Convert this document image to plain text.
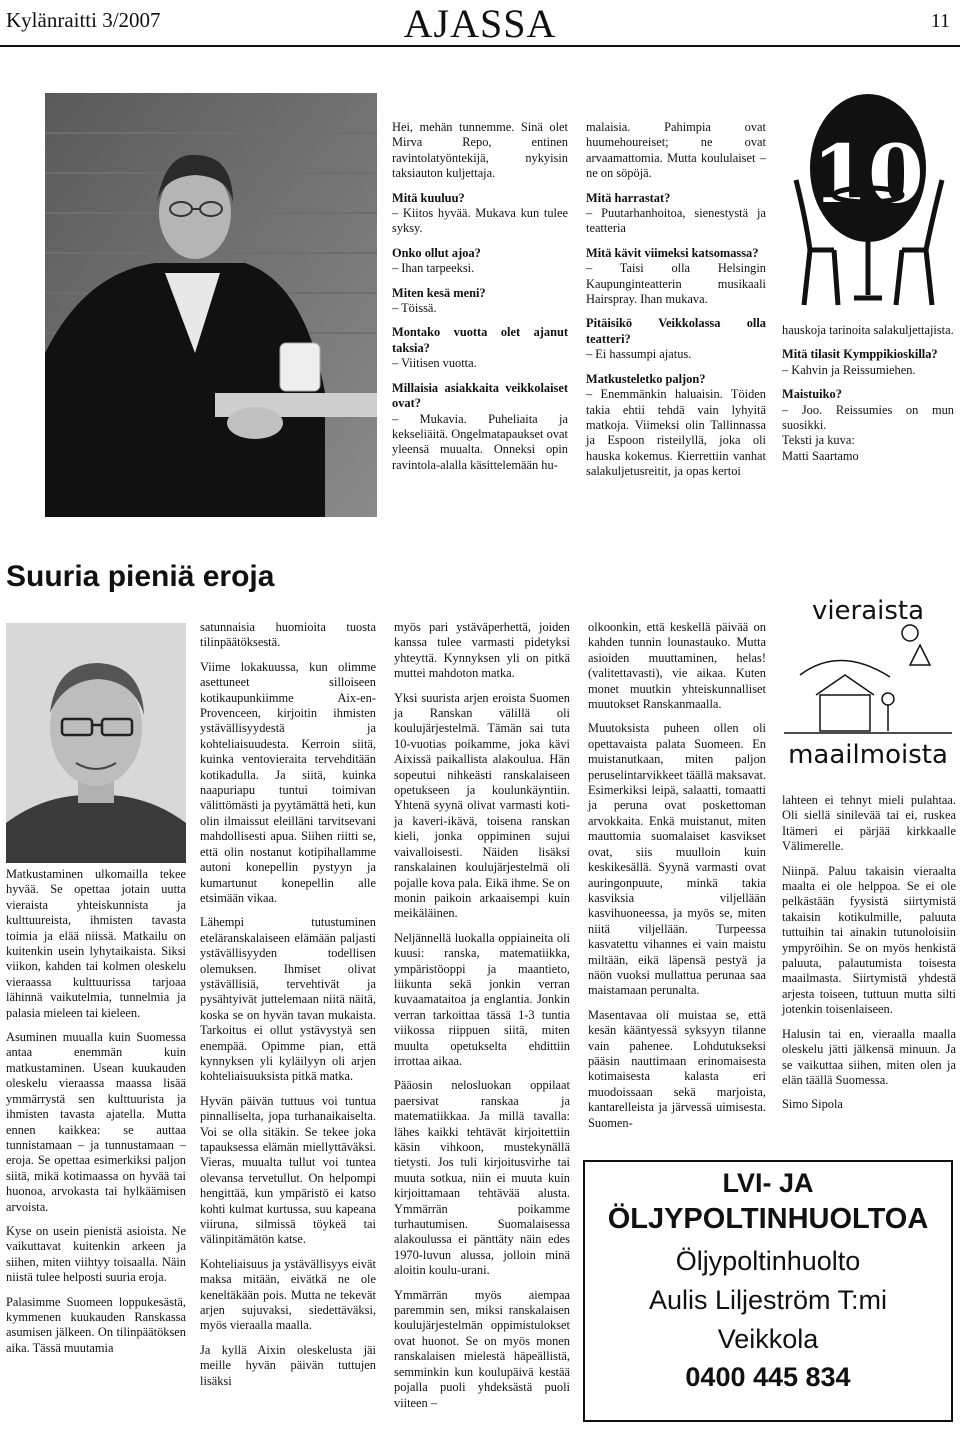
Kylänraitti 3/2007	AJASSA	11

Hei, mehän tunnemme. Sinä olet Mirva Repo, entinen ravintolatyöntekijä, nykyisin taksiauton kuljettaja.

Mitä kuuluu?
– Kiitos hyvää. Mukava kun tulee syksy.
Onko ollut ajoa?
– Ihan tarpeeksi.
Miten kesä meni?
– Töissä.
Montako vuotta olet ajanut taksia?
– Viitisen vuotta.
Millaisia asiakkaita veikkolaiset ovat?
– Mukavia. Puheliaita ja kekseliäitä. Ongelmatapaukset ovat yleensä muualta. Onneksi opin ravintola-alalla käsittelemään hu-

malaisia. Pahimpia ovat huumehoureiset; ne ovat arvaamattomia. Mutta koululaiset – ne on söpöjä.

Mitä harrastat?
– Puutarhanhoitoa, sienestystä ja teatteria
Mitä kävit viimeksi katsomassa?
– Taisi olla Helsingin Kaupunginteatterin musikaali Hairspray. Ihan mukava.
Pitäisikö Veikkolassa olla teatteri?
– Ei hassumpi ajatus.
Matkusteletko paljon?
– Enemmänkin haluaisin. Töiden takia ehtii tehdä vain lyhyitä matkoja. Viimeksi olin Tallinnassa ja Espoon risteilyllä, joka oli hauska kokemus. Kierrettiin vanhat salakuljetusreitit, ja opas kertoi
10

hauskoja tarinoita salakuljettajista.

Mitä tilasit Kymppikioskilla?
– Kahvin ja Reissumiehen.
Maistuiko?
– Joo. Reissumies on mun suosikki.
Teksti ja kuva:
Matti Saartamo
Suuria pieniä eroja

Matkustaminen ulkomailla tekee hyvää. Se opettaa jotain uutta vieraista yhteiskunnista ja kulttuureista, ihmisten tavasta toimia ja elää niissä. Matkailu on kuitenkin usein lyhytaikaista. Siksi viikon, kahden tai kolmen oleskelu vieraassa kulttuurissa tarjoaa lähinnä vaikutelmia, tunnelmia ja palasia mieleen tai kieleen.

Asuminen muualla kuin Suomessa antaa enemmän kuin matkustaminen. Usean kuukauden oleskelu vieraassa maassa lisää ymmärrystä sen kulttuurista ja ihmisten tavasta ajatella. Mutta ennen kaikkea: se auttaa tunnistamaan – ja tunnustamaan – eroja. Se opettaa esimerkiksi paljon siitä, mikä kotimaassa on hyvää tai huonoa, arvokasta tai hylkäämisen arvoista.

Kyse on usein pienistä asioista. Ne vaikuttavat kuitenkin arkeen ja siihen, miten viihtyy toisaalla. Näin niistä tulee helposti suuria eroja.

Palasimme Suomeen loppukesästä, kymmenen kuukauden Ranskassa asumisen jälkeen. On tilinpäätöksen aika. Tässä muutamia

satunnaisia huomioita tuosta tilinpäätöksestä.

Viime lokakuussa, kun olimme asettuneet silloiseen kotikaupunkiimme Aix-en-Provenceen, kirjoitin ihmisten ystävällisyydestä ja kohteliaisuudesta. Kerroin siitä, kuinka ventovieraita tervehditään kotikadulla. Ja siitä, kuinka naapuriapu tuntui toimivan välittömästi ja pyytämättä heti, kun olin ilmaissut eleilläni tarvitsevani mahdollisesti apua. Siihen riitti se, että olin nostanut kotipihallamme autoni konepellin pystyyn ja kumartunut konepellin alle etsimään vikaa.

Lähempi tutustuminen eteläranskalaiseen elämään paljasti ystävällisyyden todellisen olemuksen. Ihmiset olivat ystävällisiä, tervehtivät ja pysähtyivät juttelemaan niitä näitä, koska se on hyvän tavan mukaista. Tarkoitus ei ollut ystävystyä sen enempää. Opimme pian, että kynnyksen yli kyläilyyn oli arjen kohteliaisuuksista pitkä matka.

Hyvän päivän tuttuus voi tuntua pinnalliselta, jopa turhanaikaiselta. Voi se olla sitäkin. Se tekee joka tapauksessa elämän miellyttäväksi. Vieras, muualta tullut voi tuntea olevansa tervetullut. On helpompi hengittää, kun ympäristö ei katso kohti kulmat kurtussa, suu kapeana viiruna, silmissä töykeä tai välinpitämätön katse.

Kohteliaisuus ja ystävällisyys eivät maksa mitään, eivätkä ne ole keneltäkään pois. Mutta ne tekevät arjen sujuvaksi, siedettäväksi, myös vieraalla maalla.

Ja kyllä Aixin oleskelusta jäi meille hyvän päivän tuttujen lisäksi

myös pari ystäväperhettä, joiden kanssa tulee varmasti pidetyksi yhteyttä. Kynnyksen yli on pitkä muttei mahdoton matka.

Yksi suurista arjen eroista Suomen ja Ranskan välillä oli koulujärjestelmä. Tämän sai tuta 10-vuotias poikamme, joka kävi Aixissä paikallista alakoulua. Hän sopeutui nihkeästi ranskalaiseen opetukseen ja koulunkäyntiin. Yhtenä syynä olivat varmasti koti- ja kaveri-ikävä, toisena ranskan kieli, jonka oppiminen sujui vaivalloisesti. Näiden lisäksi ranskalainen koulujärjestelmä oli pojalle kova pala. Eikä ihme. Se on monin paikoin arkaaisempi kuin meikäläinen.

Neljännellä luokalla oppiaineita oli kuusi: ranska, matematiikka, ympäristöoppi ja maantieto, liikunta sekä jonkin verran kuvaamataitoa ja englantia. Jonkin verran tarkoittaa tässä 1-3 tuntia viikossa riippuen siitä, miten muulta opetukselta ehdittiin irrottaa aikaa.

Pääosin nelosluokan oppilaat paersivat ranskaa ja matematiikkaa. Ja millä tavalla: lähes kaikki tehtävät kirjoitettiin käsin vihkoon, mustekynällä tietysti. Jos tuli kirjoitusvirhe tai muuta sotkua, niin ei muuta kuin kirjoittamaan tehtävää alusta. Ymmärrän poikamme turhautumisen. Suomalaisessa alakoulussa ei pänttäty näin edes 1970-luvun alussa, jolloin minä aloitin koulu-urani.

Ymmärrän myös aiempaa paremmin sen, miksi ranskalaisen koulujärjestelmän oppimistulokset ovat huonot. Se on myös monen ranskalaisen mielestä häpeällistä, semminkin kun koulupäivä kestää pojalla puoli yhdeksästä puoli viiteen –

olkoonkin, että keskellä päivää on kahden tunnin lounastauko. Mutta asioiden muuttaminen, helas! (valitettavasti), vie aikaa. Kuten monet muutkin yhteiskunnalliset muutokset Ranskanmaalla.

Muutoksista puheen ollen oli opettavaista palata Suomeen. En muistanutkaan, miten paljon peruselintarvikkeet täällä maksavat. Esimerkiksi leipä, salaatti, tomaatti ja peruna ovat poskettoman arvokkaita. Enkä muistanut, miten mauttomia suomalaiset kasvikset ovat, siis muulloin kuin keskikesällä. Syynä varmasti ovat auringonpuute, minkä takia kasviksia viljellään kasvihuoneessa, ja myös se, miten niitä viljellään. Turpeessa kasvatettu vihannes ei vain maistu miltään, eikä läpensä pestyä ja näön vuoksi mullattua perunaa saa maistamaan perunalta.

Masentavaa oli muistaa se, että kesän kääntyessä syksyyn tilanne vain pahenee. Lohdutukseksi pääsin nauttimaan erinomaisesta kotimaisesta kalasta eri muodoissaan sekä marjoista, kantarelleista ja järvessä uimisesta. Suomen-

vieraista
maailmoista

lahteen ei tehnyt mieli pulahtaa. Oli siellä sinilevää tai ei, ruskea Itämeri ei pärjää kirkkaalle Välimerelle.

Niinpä. Paluu takaisin vieraalta maalta ei ole helppoa. Se ei ole pelkästään fyysistä siirtymistä takaisin kotikulmille, paluuta tuttuihin tai ainakin tutunoloisiin ympyröihin. Se on myös henkistä paluuta, palautumista toisesta maailmasta. Siirtymistä yhdestä arjesta toiseen, tuttuun mutta silti jotenkin toisenlaiseen.

Halusin tai en, vieraalla maalla oleskelu jätti jälkensä minuun. Ja se vaikuttaa siihen, miten olen ja elän täällä Suomessa.

Simo Sipola

LVI- JA
ÖLJYPOLTINHUOLTOA
Öljypoltinhuolto
Aulis Liljeström T:mi
Veikkola
0400 445 834
